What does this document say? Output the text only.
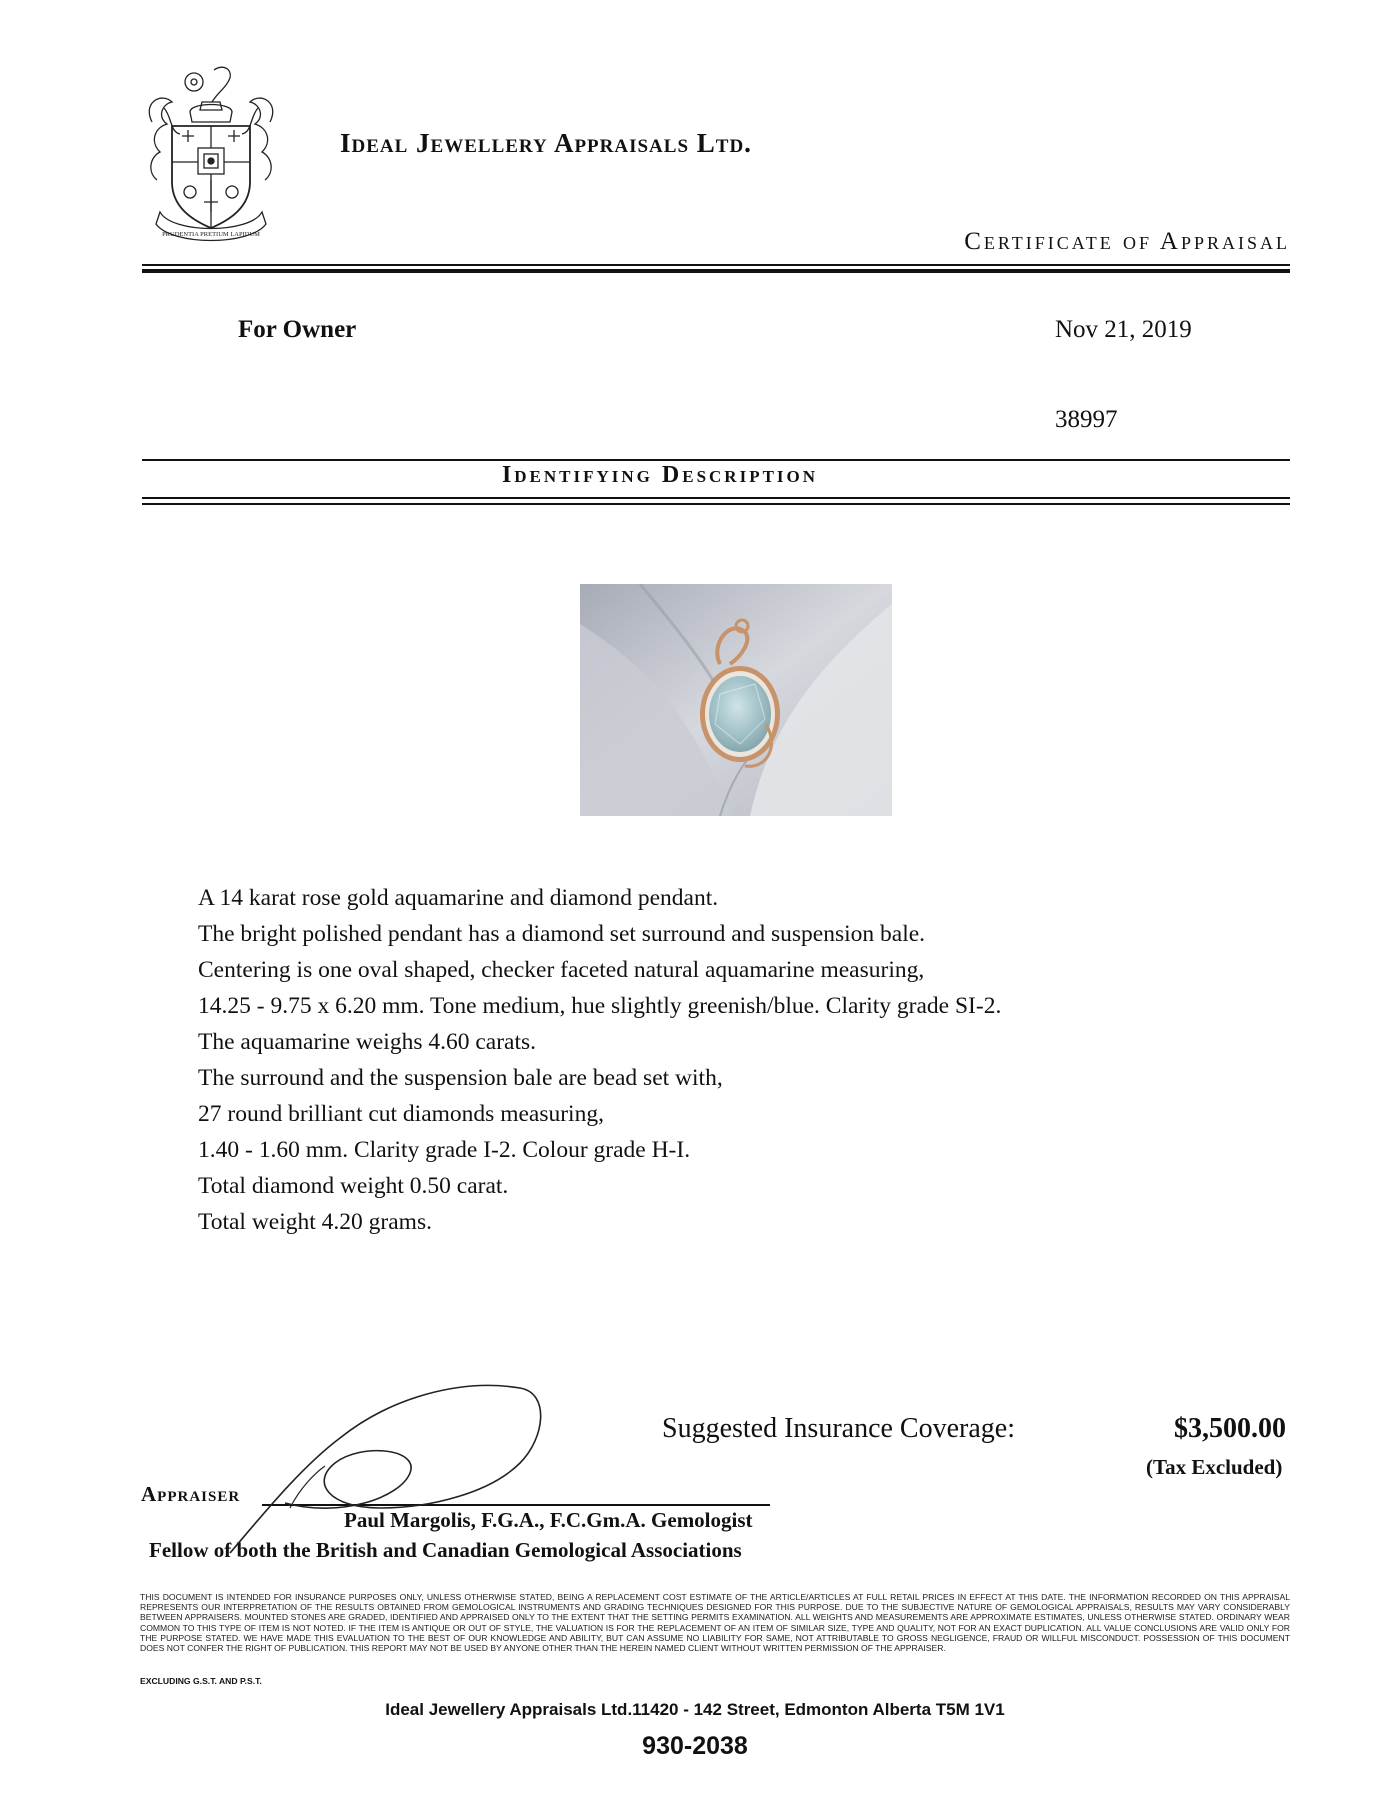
PRUDENTIA PRETIUM LAPIDUM
Ideal Jewellery Appraisals Ltd.
Certificate of Appraisal
For Owner	Nov 21, 2019
38997
Identifying Description
A 14 karat rose gold aquamarine and diamond pendant.
The bright polished pendant has a diamond set surround and suspension bale.
Centering is one oval shaped, checker faceted natural aquamarine measuring,
14.25 - 9.75 x 6.20 mm. Tone medium, hue slightly greenish/blue. Clarity grade SI-2.
The aquamarine weighs 4.60 carats.
The surround and the suspension bale are bead set with,
27 round brilliant cut diamonds measuring,
1.40 - 1.60 mm. Clarity grade I-2. Colour grade H-I.
Total diamond weight 0.50 carat.
Total weight 4.20 grams.
Suggested Insurance Coverage:	$3,500.00
(Tax Excluded)
Appraiser
Paul Margolis, F.G.A., F.C.Gm.A. Gemologist
Fellow of both the British and Canadian Gemological Associations
THIS DOCUMENT IS INTENDED FOR INSURANCE PURPOSES ONLY, UNLESS OTHERWISE STATED, BEING A REPLACEMENT COST ESTIMATE OF THE ARTICLE/ARTICLES AT FULL RETAIL PRICES IN EFFECT AT THIS DATE. THE INFORMATION RECORDED ON THIS APPRAISAL REPRESENTS OUR INTERPRETATION OF THE RESULTS OBTAINED FROM GEMOLOGICAL INSTRUMENTS AND GRADING TECHNIQUES DESIGNED FOR THIS PURPOSE. DUE TO THE SUBJECTIVE NATURE OF GEMOLOGICAL APPRAISALS, RESULTS MAY VARY CONSIDERABLY BETWEEN APPRAISERS. MOUNTED STONES ARE GRADED, IDENTIFIED AND APPRAISED ONLY TO THE EXTENT THAT THE SETTING PERMITS EXAMINATION. ALL WEIGHTS AND MEASUREMENTS ARE APPROXIMATE ESTIMATES, UNLESS OTHERWISE STATED. ORDINARY WEAR COMMON TO THIS TYPE OF ITEM IS NOT NOTED. IF THE ITEM IS ANTIQUE OR OUT OF STYLE, THE VALUATION IS FOR THE REPLACEMENT OF AN ITEM OF SIMILAR SIZE, TYPE AND QUALITY, NOT FOR AN EXACT DUPLICATION. ALL VALUE CONCLUSIONS ARE VALID ONLY FOR THE PURPOSE STATED. WE HAVE MADE THIS EVALUATION TO THE BEST OF OUR KNOWLEDGE AND ABILITY, BUT CAN ASSUME NO LIABILITY FOR SAME, NOT ATTRIBUTABLE TO GROSS NEGLIGENCE, FRAUD OR WILLFUL MISCONDUCT. POSSESSION OF THIS DOCUMENT DOES NOT CONFER THE RIGHT OF PUBLICATION. THIS REPORT MAY NOT BE USED BY ANYONE OTHER THAN THE HEREIN NAMED CLIENT WITHOUT WRITTEN PERMISSION OF THE APPRAISER.
EXCLUDING G.S.T. AND P.S.T.
Ideal Jewellery Appraisals Ltd.11420 - 142 Street, Edmonton Alberta T5M 1V1
930-2038
